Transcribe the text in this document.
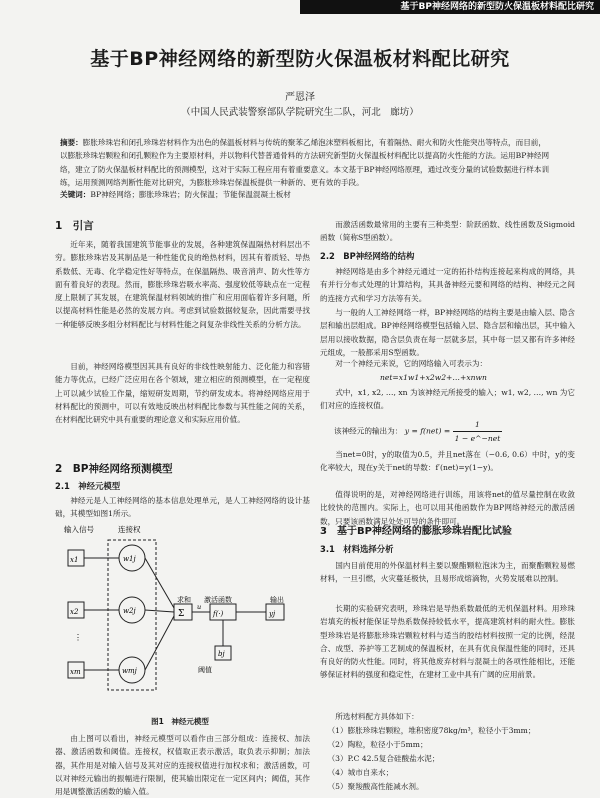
基于BP神经网络的新型防火保温板材料配比研究
基于BP神经网络的新型防火保温板材料配比研究
严恩泽
（中国人民武装警察部队学院研究生二队，河北　廊坊）
摘要：膨胀珍珠岩和闭孔珍珠岩材料作为出色的保温板材料与传统的聚苯乙烯泡沫塑料板相比，有着隔热、耐火和防火性能突出等特点，而目前，以膨胀珍珠岩颗粒和闭孔颗粒作为主要原材料，并以物料代替普通骨料的方法研究新型防火保温板材料配比以提高防火性能的方法。运用BP神经网络，建立了防火保温板材料配比的预测模型，这对于实际工程应用有着重要意义。本文基于BP神经网络原理，通过改变分量的试验数据进行样本训练，运用预测网络判断性能对比研究，为膨胀珍珠岩保温板提供一种新的、更有效的手段。
关键词：BP神经网络；膨胀珍珠岩；防火保温；节能保温混凝土板材
1　引言
近年来，随着我国建筑节能事业的发展，各种建筑保温隔热材料层出不穷。膨胀珍珠岩及其制品是一种性能优良的绝热材料，因其有着质轻、导热系数低、无毒、化学稳定性好等特点，在保温隔热、吸音消声、防火性等方面有着良好的表现。然而，膨胀珍珠岩吸水率高、强度较低等缺点在一定程度上限制了其发展，在建筑保温材料领域的推广和应用面临着许多问题，所以提高材料性能是必然的发展方向。考虑到试验数据较复杂，因此需要寻找一种能够反映多组分材料配比与材料性能之间复杂非线性关系的分析方法。
目前，神经网络模型因其具有良好的非线性映射能力、泛化能力和容错能力等优点，已经广泛应用在各个领域，建立相应的预测模型，在一定程度上可以减少试验工作量，缩短研发周期，节约研发成本。将神经网络应用于材料配比的预测中，可以有效地反映出材料配比参数与其性能之间的关系，在材料配比研究中具有重要的理论意义和实际应用价值。
2　BP神经网络预测模型
2.1　神经元模型
神经元是人工神经网络的基本信息处理单元，是人工神经网络的设计基础，其模型如图1所示。
输入信号	连接权
求和 激活函数	输出
阈值
x1
x2
⋮
xm
w1j
w2j
wmj
Σ
u
f(·)	yj
bj
图1　神经元模型
由上图可以看出，神经元模型可以看作由三部分组成：连接权、加法器、激活函数和阈值。连接权，权值取正表示激活，取负表示抑制；加法器，其作用是对输入信号及其对应的连接权值进行加权求和；激活函数，可以对神经元输出的振幅进行限制，使其输出限定在一定区间内；阈值，其作用是调整激活函数的输入值。
而激活函数最常用的主要有三种类型：阶跃函数、线性函数及Sigmoid函数（简称S型函数）。
2.2　BP神经网络的结构
神经网络是由多个神经元通过一定的拓扑结构连接起来构成的网络，具有并行分布式处理的计算结构，其具备神经元要和网络的结构、神经元之间的连接方式和学习方法等有关。
与一般的人工神经网络一样，BP神经网络的结构主要是由输入层、隐含层和输出层组成。BP神经网络模型包括输入层、隐含层和输出层，其中输入层用以接收数据，隐含层负责在每一层就多层，其中每一层又都有许多神经元组成，一般都采用S型函数。
对一个神经元来说，它的网络输入可表示为：
net=x1w1+x2w2+…+xnwn
式中，x1, x2, …, xn 为该神经元所接受的输入；w1, w2, …, wn 为它们对应的连接权值。
该神经元的输出为： $y = f(net) = \frac{1}{\text{1 − e\textasciicircum{}−net}}$
当net=0时，y的取值为0.5，并且net落在（−0.6, 0.6）中时，y的变化率较大，现在y关于net的导数：f′(net)=y(1−y)。
值得说明的是，对神经网络进行训练，用该将net的值尽量控制在收敛比较快的范围内。实际上，也可以用其他函数作为BP网络神经元的激活函数，只要该函数满足处处可导的条件即可。
3　基于BP神经网络的膨胀珍珠岩配比试验
3.1　材料选择分析
国内目前使用的外保温材料主要以聚酯颗粒泡沫为主，而聚酯颗粒易燃材料，一旦引燃，火灾蔓延极快，且易形成熔滴物，火势发展难以控制。
长期的实验研究表明，珍珠岩是导热系数最低的无机保温材料。用珍珠岩填充的板材能保证导热系数保持较低水平，提高建筑材料的耐火性。膨胀型珍珠岩是将膨胀珍珠岩颗粒材料与适当的胶结材料按照一定的比例，经混合、成型、养护等工艺制成的保温板材，在具有优良保温性能的同时，还具有良好的防火性能。同时，将其他废弃材料与混凝土的各项性能相比，还能够保证材料的强度和稳定性，在建材工业中具有广阔的应用前景。
所选材料配方具体如下：
（1）膨胀珍珠岩颗粒，堆积密度78kg/m³，粒径小于3mm；
（2）陶粒，粒径小于5mm；
（3）P.C 42.5复合硅酸盐水泥；
（4）城市自来水；
（5）聚羧酸高性能减水剂。
